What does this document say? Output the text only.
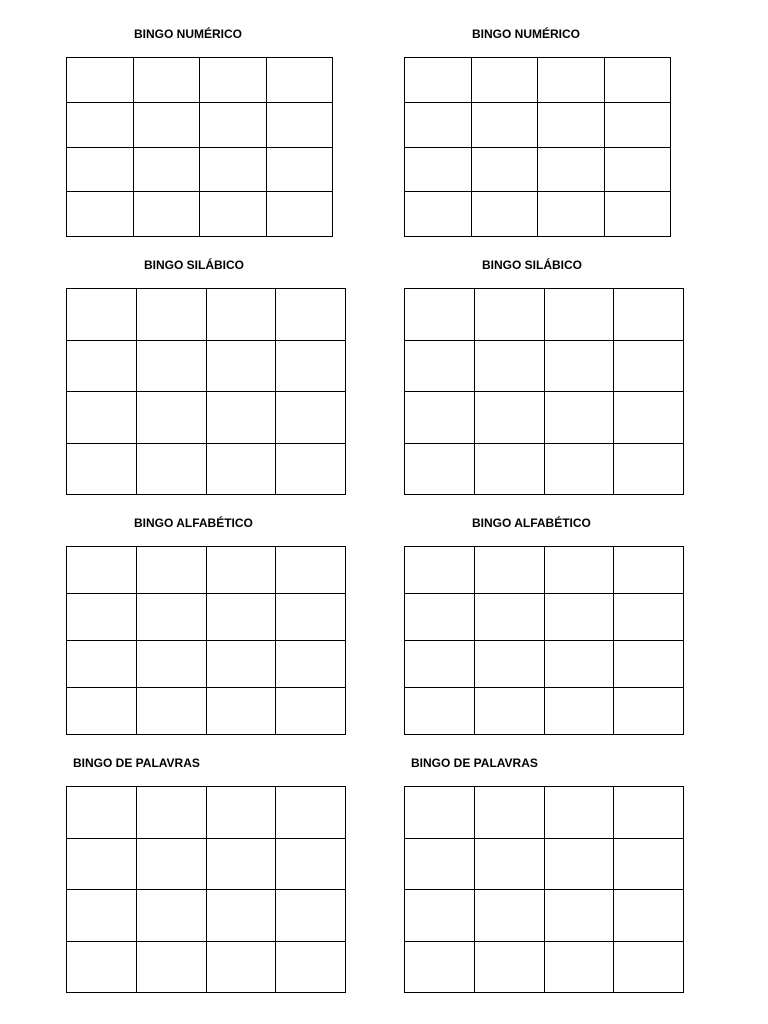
BINGO NUMÉRICO

				BINGO NUMÉRICO

BINGO SILÁBICO

				BINGO SILÁBICO

BINGO ALFABÉTICO

				BINGO ALFABÉTICO

BINGO DE PALAVRAS

				BINGO DE PALAVRAS
